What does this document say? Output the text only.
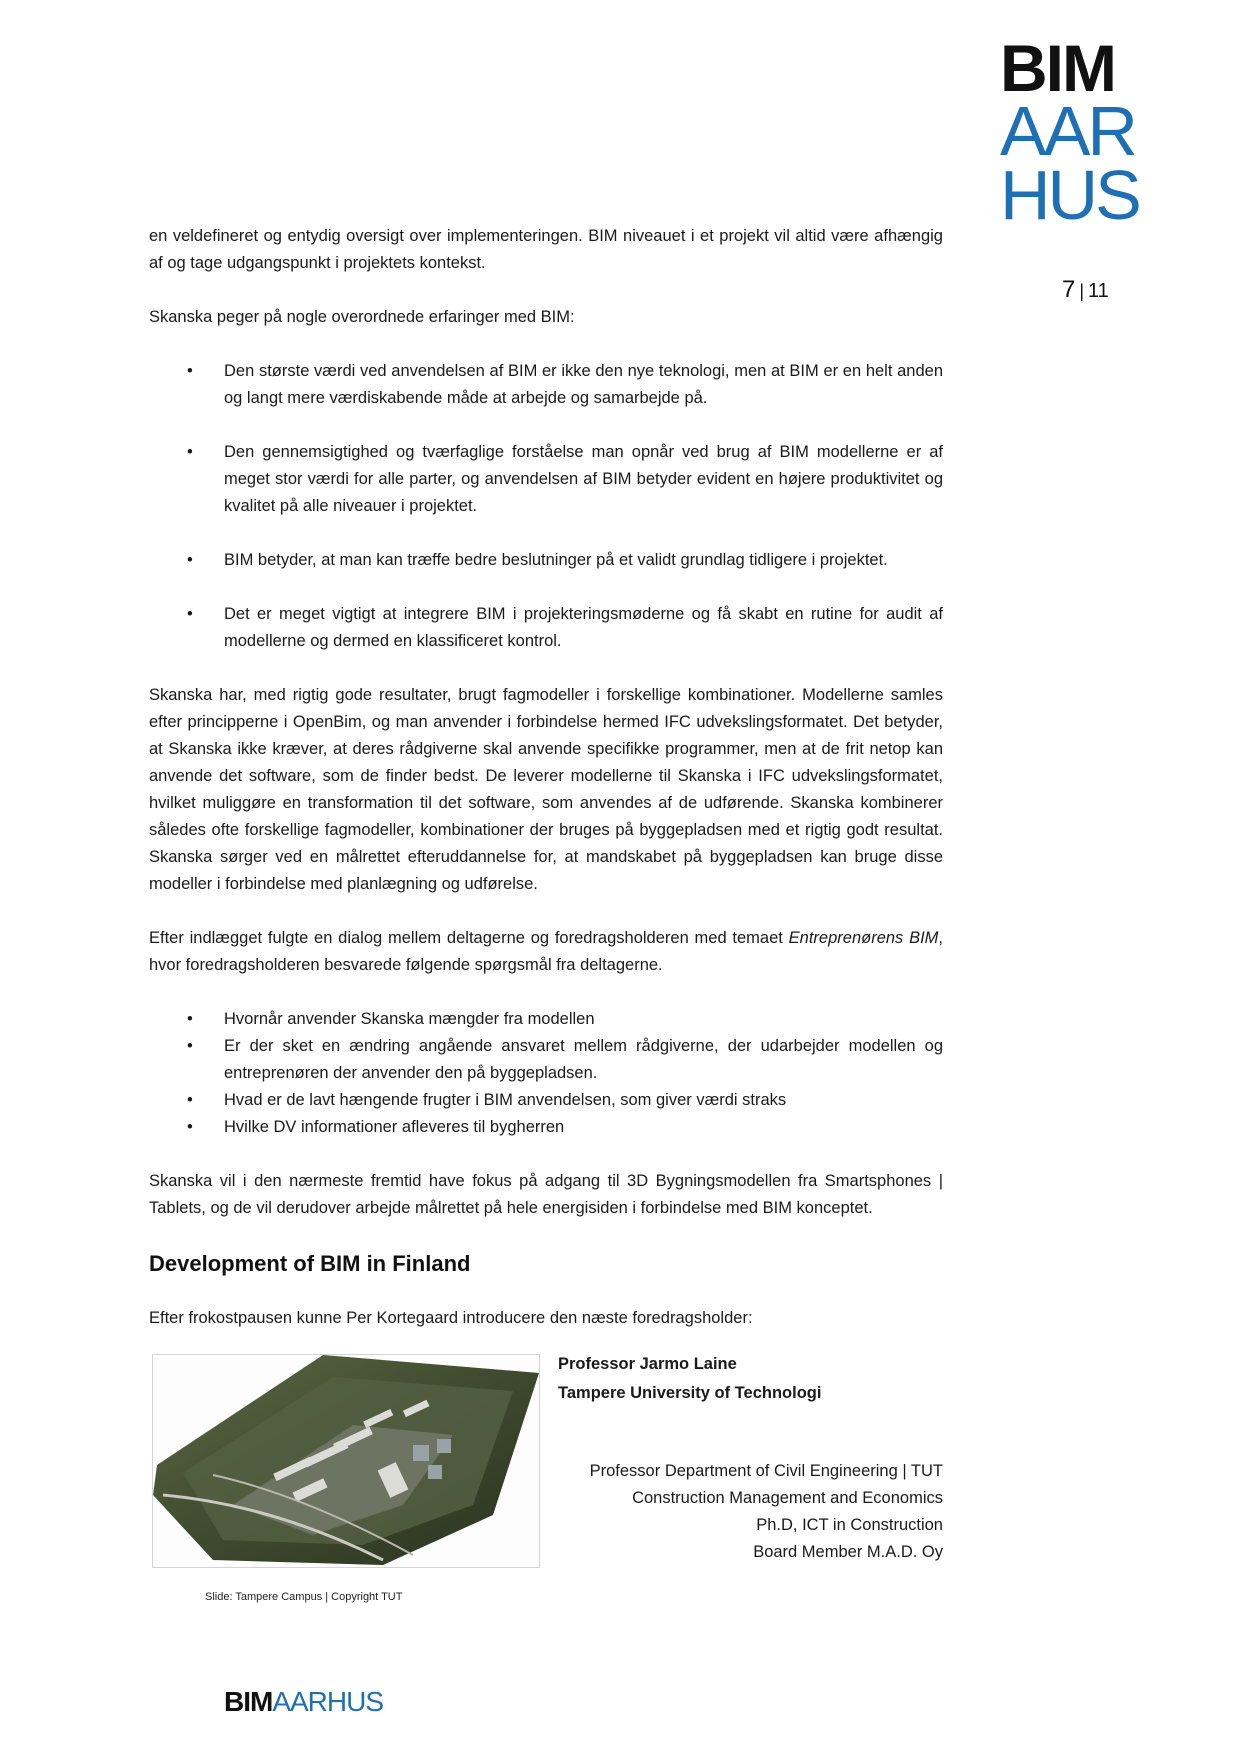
BIM
AAR
HUS
7 | 11

en veldefineret og entydig oversigt over implementeringen. BIM niveauet i et projekt vil altid være afhængig af og tage udgangspunkt i projektets kontekst.

Skanska peger på nogle overordnede erfaringer med BIM:

• Den største værdi ved anvendelsen af BIM er ikke den nye teknologi, men at BIM er en helt anden og langt mere værdiskabende måde at arbejde og samarbejde på.
• Den gennemsigtighed og tværfaglige forståelse man opnår ved brug af BIM modellerne er af meget stor værdi for alle parter, og anvendelsen af BIM betyder evident en højere produktivitet og kvalitet på alle niveauer i projektet.
• BIM betyder, at man kan træffe bedre beslutninger på et validt grundlag tidligere i projektet.
• Det er meget vigtigt at integrere BIM i projekteringsmøderne og få skabt en rutine for audit af modellerne og dermed en klassificeret kontrol.

Skanska har, med rigtig gode resultater, brugt fagmodeller i forskellige kombinationer. Modellerne samles efter principperne i OpenBim, og man anvender i forbindelse hermed IFC udvekslingsformatet. Det betyder, at Skanska ikke kræver, at deres rådgiverne skal anvende specifikke programmer, men at de frit netop kan anvende det software, som de finder bedst. De leverer modellerne til Skanska i IFC udvekslingsformatet, hvilket muliggøre en transformation til det software, som anvendes af de udførende. Skanska kombinerer således ofte forskellige fagmodeller, kombinationer der bruges på byggepladsen med et rigtig godt resultat. Skanska sørger ved en målrettet efteruddannelse for, at mandskabet på byggepladsen kan bruge disse modeller i forbindelse med planlægning og udførelse.

Efter indlægget fulgte en dialog mellem deltagerne og foredragsholderen med temaet Entreprenørens BIM, hvor foredragsholderen besvarede følgende spørgsmål fra deltagerne.

• Hvornår anvender Skanska mængder fra modellen
• Er der sket en ændring angående ansvaret mellem rådgiverne, der udarbejder modellen og entreprenøren der anvender den på byggepladsen.
• Hvad er de lavt hængende frugter i BIM anvendelsen, som giver værdi straks
• Hvilke DV informationer afleveres til bygherren

Skanska vil i den nærmeste fremtid have fokus på adgang til 3D Bygningsmodellen fra Smartsphones | Tablets, og de vil derudover arbejde målrettet på hele energisiden i forbindelse med BIM konceptet.

Development of BIM in Finland

Efter frokostpausen kunne Per Kortegaard introducere den næste foredragsholder:

Slide: Tampere Campus | Copyright TUT
Professor Jarmo Laine
Tampere University of Technologi
Professor Department of Civil Engineering | TUT
Construction Management and Economics
Ph.D, ICT in Construction
Board Member M.A.D. Oy
BIMAARHUS
